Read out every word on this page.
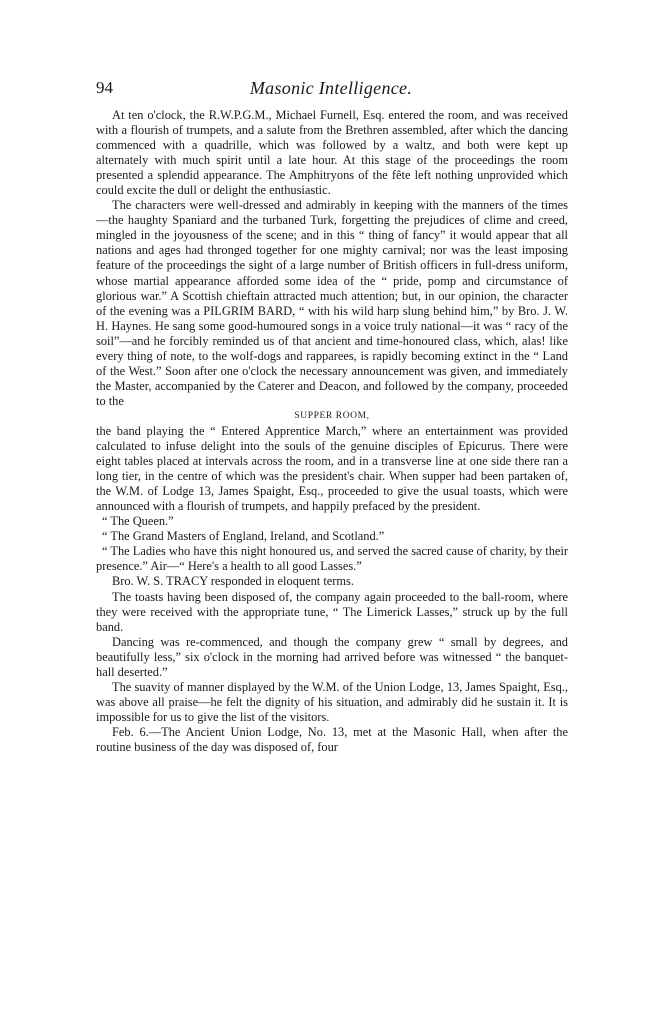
94	Masonic Intelligence.

At ten o'clock, the R.W.P.G.M., Michael Furnell, Esq. entered the room, and was received with a flourish of trumpets, and a salute from the Brethren assembled, after which the dancing commenced with a quadrille, which was followed by a waltz, and both were kept up alternately with much spirit until a late hour. At this stage of the proceedings the room presented a splendid appearance. The Amphitryons of the fête left nothing unprovided which could excite the dull or delight the enthusiastic.

The characters were well-dressed and admirably in keeping with the manners of the times—the haughty Spaniard and the turbaned Turk, forgetting the prejudices of clime and creed, mingled in the joyousness of the scene; and in this “ thing of fancy” it would appear that all nations and ages had thronged together for one mighty carnival; nor was the least imposing feature of the proceedings the sight of a large number of British officers in full-dress uniform, whose martial appearance afforded some idea of the “ pride, pomp and circumstance of glorious war.” A Scottish chieftain attracted much attention; but, in our opinion, the character of the evening was a PILGRIM BARD, “ with his wild harp slung behind him,” by Bro. J. W. H. Haynes. He sang some good-humoured songs in a voice truly national—it was “ racy of the soil”—and he forcibly reminded us of that ancient and time-honoured class, which, alas! like every thing of note, to the wolf-dogs and rapparees, is rapidly becoming extinct in the “ Land of the West.” Soon after one o'clock the necessary announcement was given, and immediately the Master, accompanied by the Caterer and Deacon, and followed by the company, proceeded to the

SUPPER ROOM,

the band playing the “ Entered Apprentice March,” where an entertainment was provided calculated to infuse delight into the souls of the genuine disciples of Epicurus. There were eight tables placed at intervals across the room, and in a transverse line at one side there ran a long tier, in the centre of which was the president's chair. When supper had been partaken of, the W.M. of Lodge 13, James Spaight, Esq., proceeded to give the usual toasts, which were announced with a flourish of trumpets, and happily prefaced by the president.

“ The Queen.”

“ The Grand Masters of England, Ireland, and Scotland.”

“ The Ladies who have this night honoured us, and served the sacred cause of charity, by their presence.” Air—“ Here's a health to all good Lasses.”

Bro. W. S. TRACY responded in eloquent terms.

The toasts having been disposed of, the company again proceeded to the ball-room, where they were received with the appropriate tune, “ The Limerick Lasses,” struck up by the full band.

Dancing was re-commenced, and though the company grew “ small by degrees, and beautifully less,” six o'clock in the morning had arrived before was witnessed “ the banquet-hall deserted.”

The suavity of manner displayed by the W.M. of the Union Lodge, 13, James Spaight, Esq., was above all praise—he felt the dignity of his situation, and admirably did he sustain it. It is impossible for us to give the list of the visitors.

Feb. 6.—The Ancient Union Lodge, No. 13, met at the Masonic Hall, when after the routine business of the day was disposed of, four
